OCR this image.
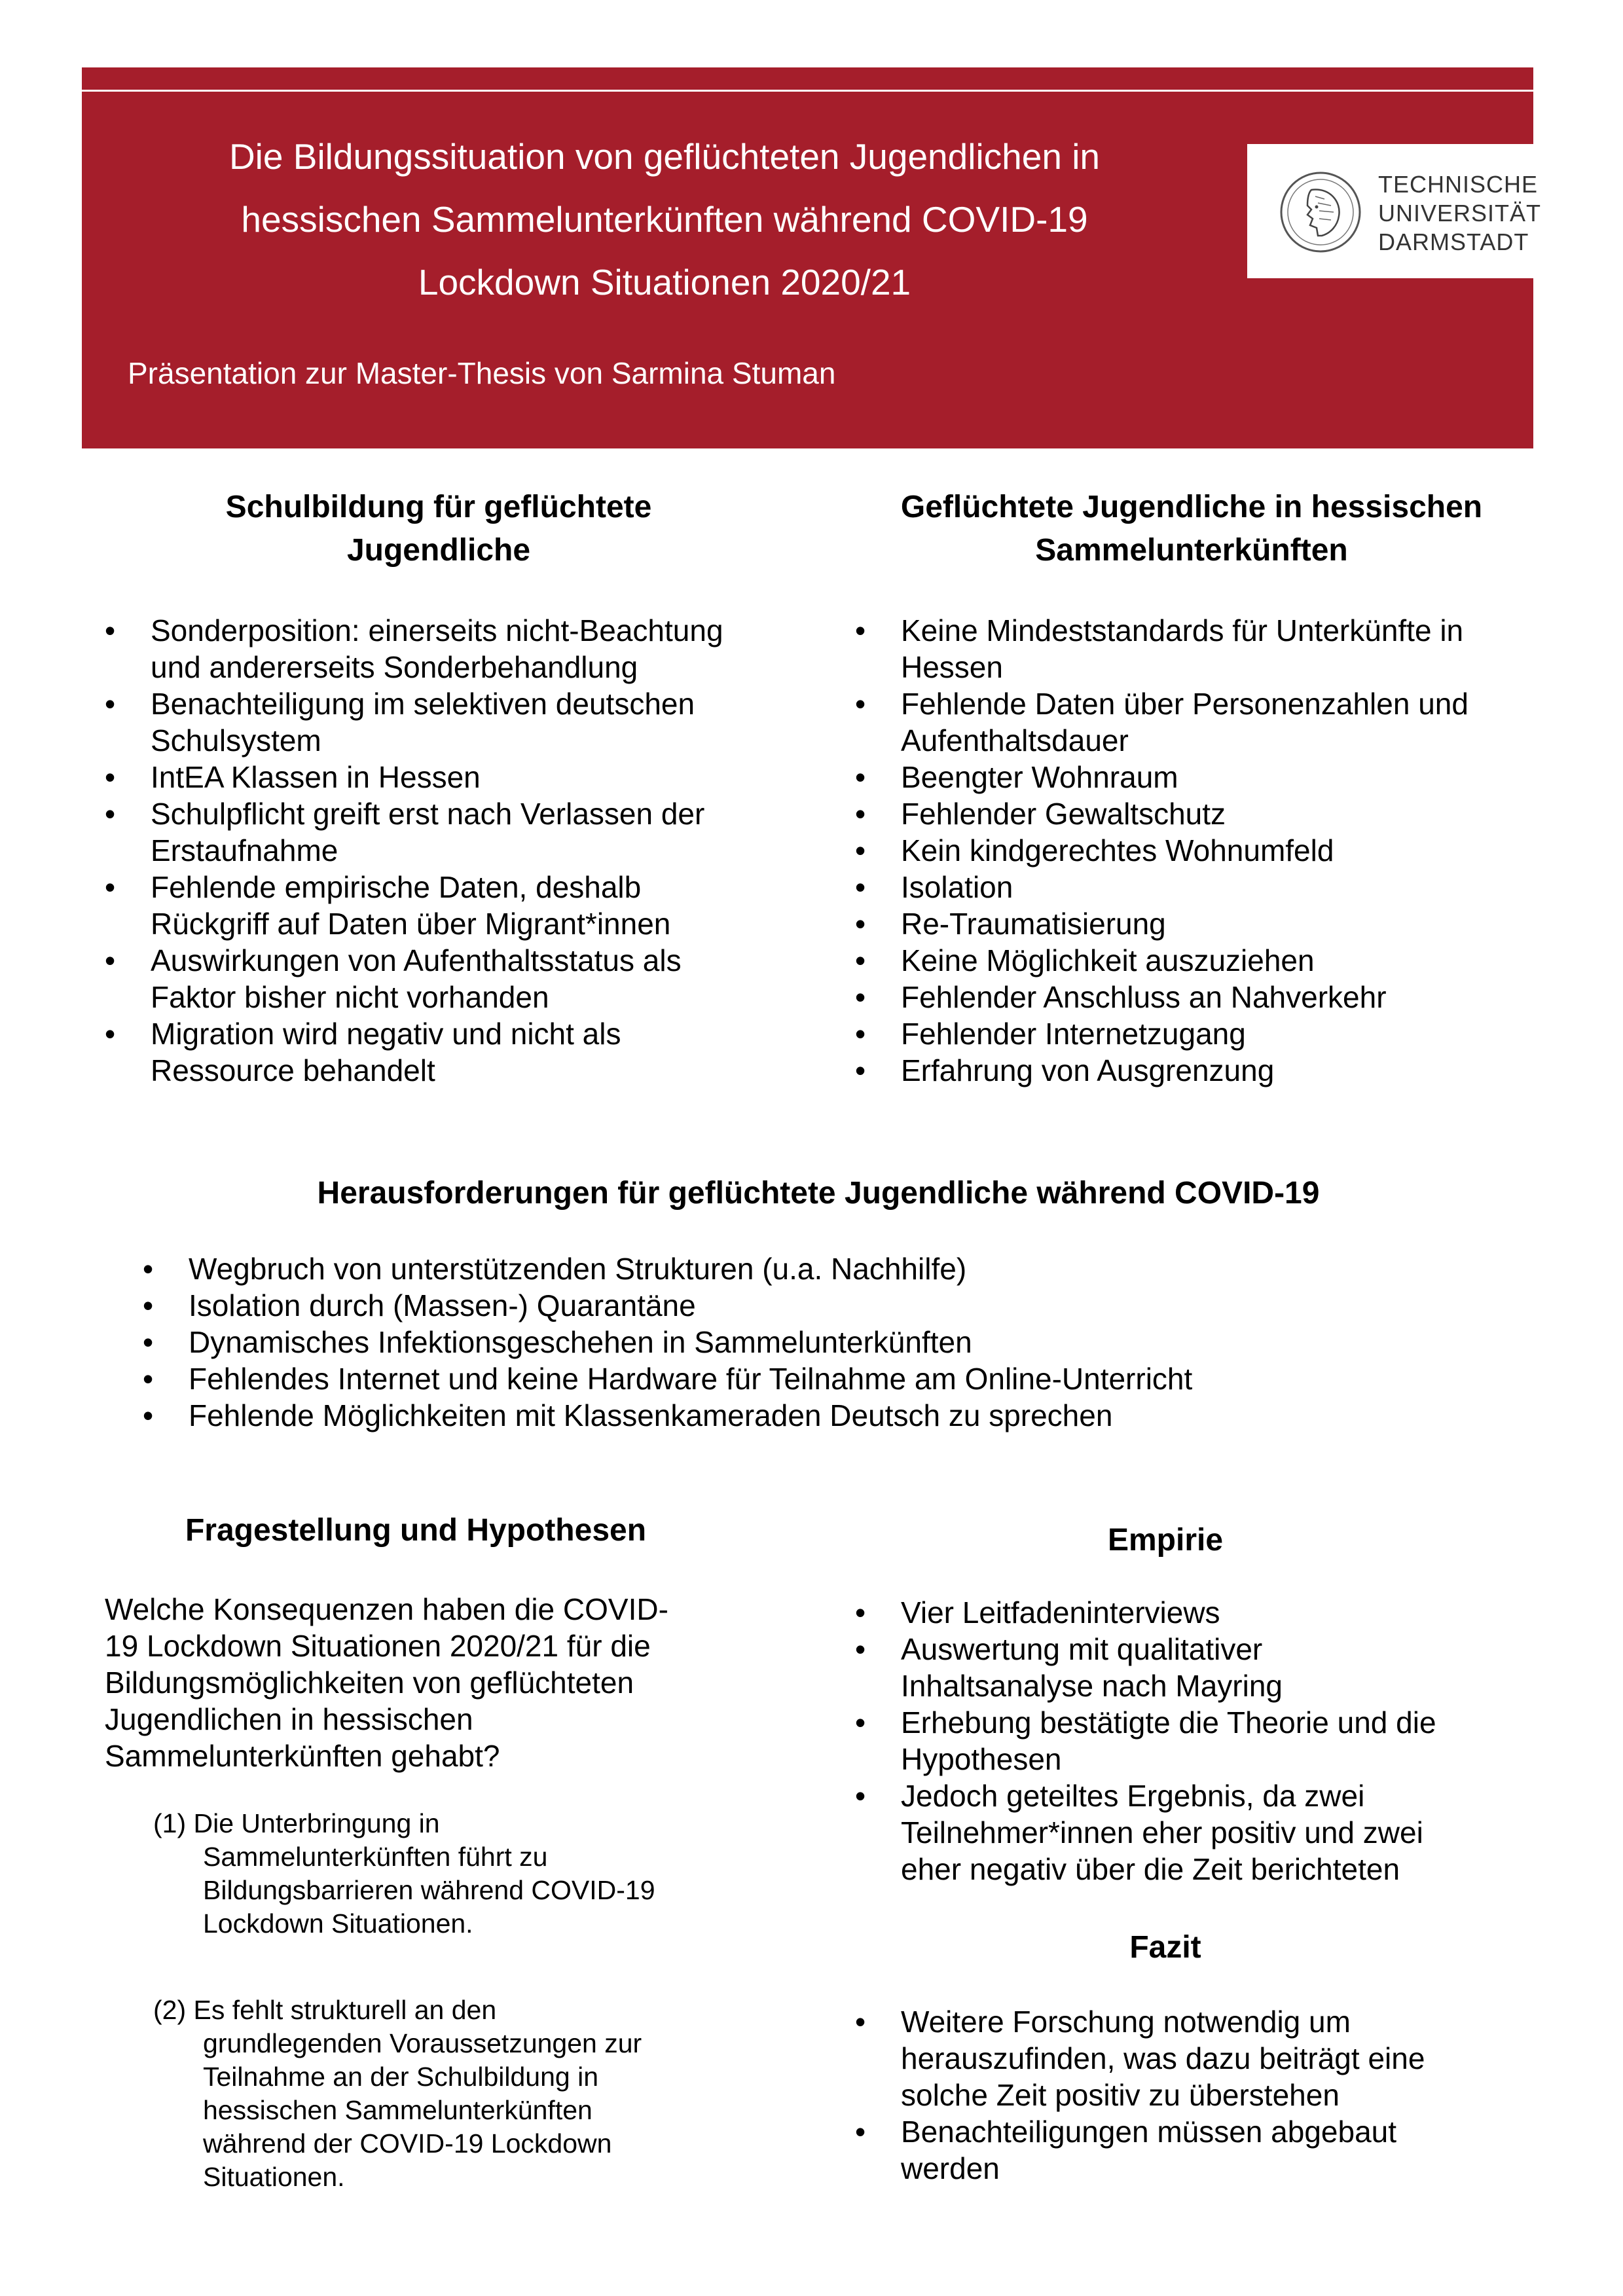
Die Bildungssituation von geflüchteten Jugendlichen in
hessischen Sammelunterkünften während COVID-19
Lockdown Situationen 2020/21
Präsentation zur Master-Thesis von Sarmina Stuman
TECHNISCHE
UNIVERSITÄT
DARMSTADT
Schulbildung für geflüchtete
Jugendliche
• Sonderposition: einerseits nicht-Beachtung
und andererseits Sonderbehandlung
• Benachteiligung im selektiven deutschen
Schulsystem
• IntEA Klassen in Hessen
• Schulpflicht greift erst nach Verlassen der
Erstaufnahme
• Fehlende empirische Daten, deshalb
Rückgriff auf Daten über Migrant*innen
• Auswirkungen von Aufenthaltsstatus als
Faktor bisher nicht vorhanden
• Migration wird negativ und nicht als
Ressource behandelt
Geflüchtete Jugendliche in hessischen
Sammelunterkünften
• Keine Mindeststandards für Unterkünfte in
Hessen
• Fehlende Daten über Personenzahlen und
Aufenthaltsdauer
• Beengter Wohnraum
• Fehlender Gewaltschutz
• Kein kindgerechtes Wohnumfeld
• Isolation
• Re-Traumatisierung
• Keine Möglichkeit auszuziehen
• Fehlender Anschluss an Nahverkehr
• Fehlender Internetzugang
• Erfahrung von Ausgrenzung
Herausforderungen für geflüchtete Jugendliche während COVID-19
• Wegbruch von unterstützenden Strukturen (u.a. Nachhilfe)
• Isolation durch (Massen-) Quarantäne
• Dynamisches Infektionsgeschehen in Sammelunterkünften
• Fehlendes Internet und keine Hardware für Teilnahme am Online-Unterricht
• Fehlende Möglichkeiten mit Klassenkameraden Deutsch zu sprechen
Fragestellung und Hypothesen
Welche Konsequenzen haben die COVID-
19 Lockdown Situationen 2020/21 für die
Bildungsmöglichkeiten von geflüchteten
Jugendlichen in hessischen
Sammelunterkünften gehabt?
(1) Die Unterbringung in
Sammelunterkünften führt zu
Bildungsbarrieren während COVID-19
Lockdown Situationen.
(2) Es fehlt strukturell an den
grundlegenden Voraussetzungen zur
Teilnahme an der Schulbildung in
hessischen Sammelunterkünften
während der COVID-19 Lockdown
Situationen.
Empirie
• Vier Leitfadeninterviews
• Auswertung mit qualitativer
Inhaltsanalyse nach Mayring
• Erhebung bestätigte die Theorie und die
Hypothesen
• Jedoch geteiltes Ergebnis, da zwei
Teilnehmer*innen eher positiv und zwei
eher negativ über die Zeit berichteten
Fazit
• Weitere Forschung notwendig um
herauszufinden, was dazu beiträgt eine
solche Zeit positiv zu überstehen
• Benachteiligungen müssen abgebaut
werden
